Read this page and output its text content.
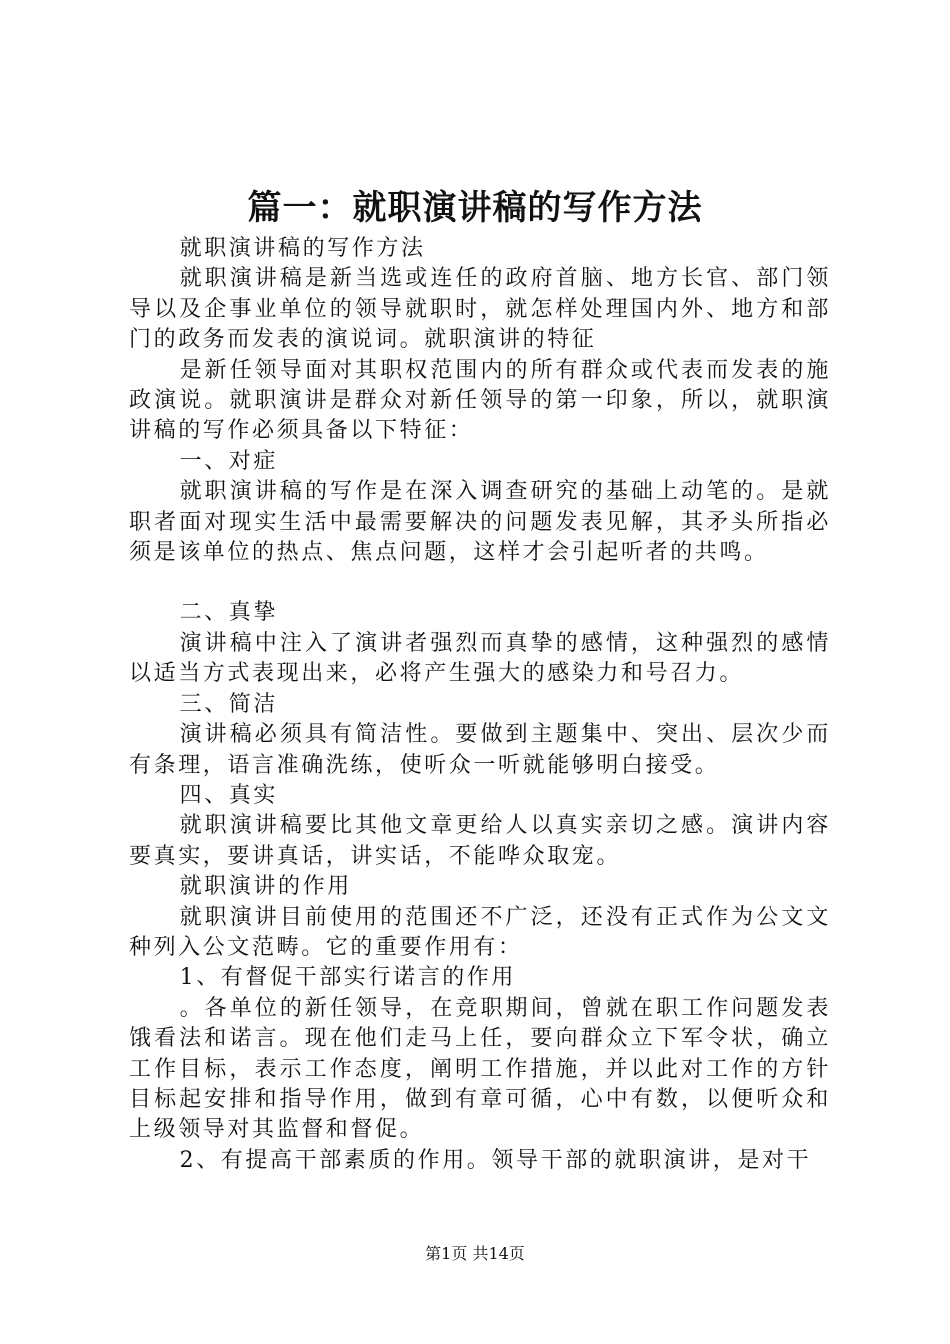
篇一：就职演讲稿的写作方法

就职演讲稿的写作方法

就职演讲稿是新当选或连任的政府首脑、地方长官、部门领导以及企事业单位的领导就职时，就怎样处理国内外、地方和部门的政务而发表的演说词。就职演讲的特征

是新任领导面对其职权范围内的所有群众或代表而发表的施政演说。就职演讲是群众对新任领导的第一印象，所以，就职演讲稿的写作必须具备以下特征：

一、对症

就职演讲稿的写作是在深入调查研究的基础上动笔的。是就职者面对现实生活中最需要解决的问题发表见解，其矛头所指必须是该单位的热点、焦点问题，这样才会引起听者的共鸣。

二、真挚

演讲稿中注入了演讲者强烈而真挚的感情，这种强烈的感情以适当方式表现出来，必将产生强大的感染力和号召力。

三、简洁

演讲稿必须具有简洁性。要做到主题集中、突出、层次少而有条理，语言准确洗练，使听众一听就能够明白接受。

四、真实

就职演讲稿要比其他文章更给人以真实亲切之感。演讲内容要真实，要讲真话，讲实话，不能哗众取宠。

就职演讲的作用

就职演讲目前使用的范围还不广泛，还没有正式作为公文文种列入公文范畴。它的重要作用有：

1、有督促干部实行诺言的作用

。各单位的新任领导，在竞职期间，曾就在职工作问题发表饿看法和诺言。现在他们走马上任，要向群众立下军令状，确立工作目标，表示工作态度，阐明工作措施，并以此对工作的方针目标起安排和指导作用，做到有章可循，心中有数，以便听众和上级领导对其监督和督促。

2、有提高干部素质的作用。领导干部的就职演讲，是对干

第1页 共14页
